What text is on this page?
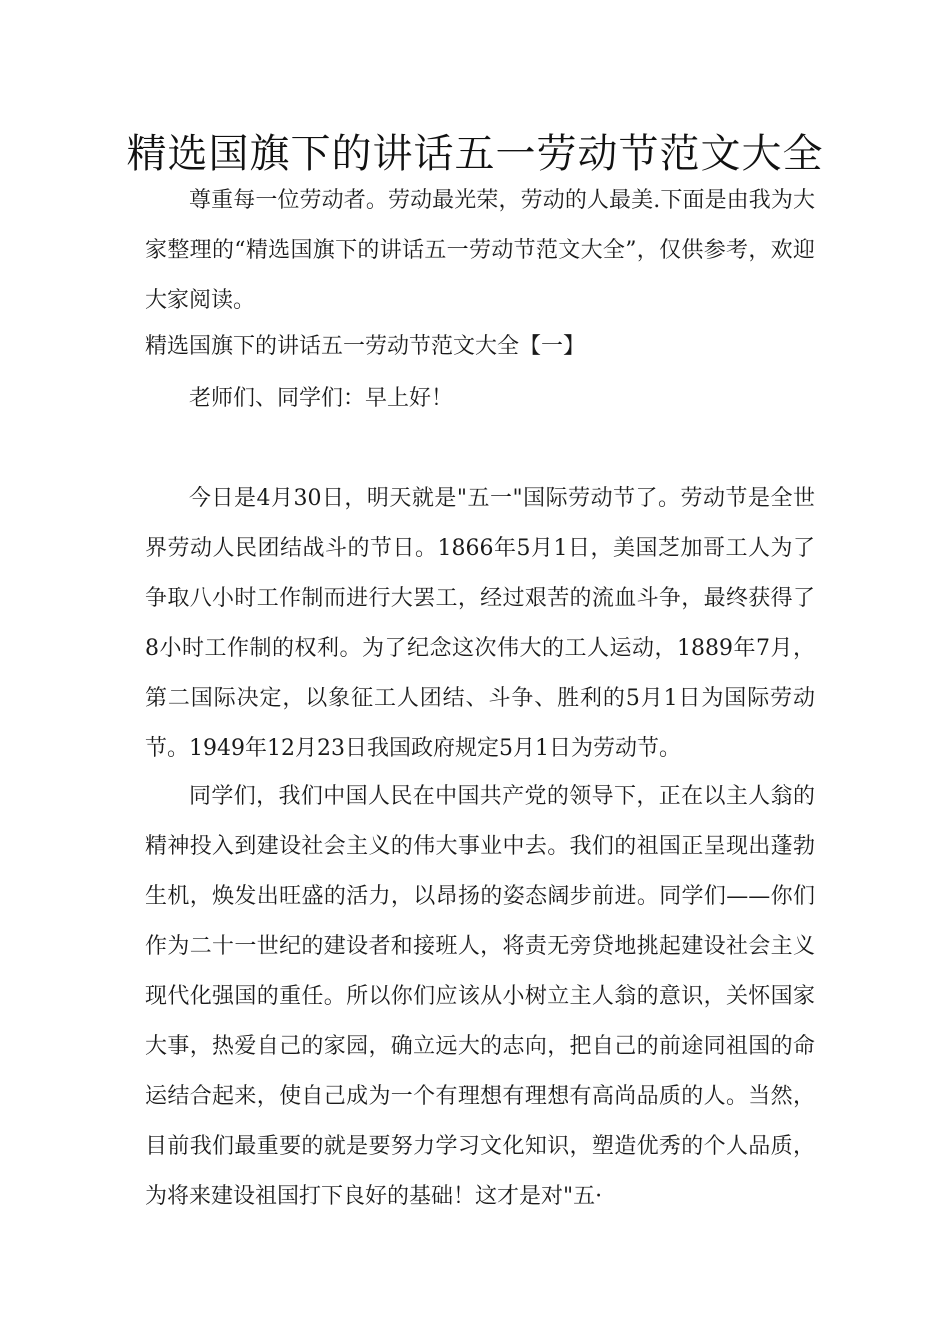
精选国旗下的讲话五一劳动节范文大全

尊重每一位劳动者。劳动最光荣，劳动的人最美.下面是由我为大家整理的“精选国旗下的讲话五一劳动节范文大全”，仅供参考，欢迎大家阅读。

精选国旗下的讲话五一劳动节范文大全【一】

老师们、同学们：早上好！

今日是4月30日，明天就是"五一"国际劳动节了。劳动节是全世界劳动人民团结战斗的节日。1866年5月1日，美国芝加哥工人为了争取八小时工作制而进行大罢工，经过艰苦的流血斗争，最终获得了8小时工作制的权利。为了纪念这次伟大的工人运动，1889年7月，第二国际决定，以象征工人团结、斗争、胜利的5月1日为国际劳动节。1949年12月23日我国政府规定5月1日为劳动节。

同学们，我们中国人民在中国共产党的领导下，正在以主人翁的精神投入到建设社会主义的伟大事业中去。我们的祖国正呈现出蓬勃生机，焕发出旺盛的活力，以昂扬的姿态阔步前进。同学们——你们作为二十一世纪的建设者和接班人，将责无旁贷地挑起建设社会主义现代化强国的重任。所以你们应该从小树立主人翁的意识，关怀国家大事，热爱自己的家园，确立远大的志向，把自己的前途同祖国的命运结合起来，使自己成为一个有理想有理想有高尚品质的人。当然，目前我们最重要的就是要努力学习文化知识，塑造优秀的个人品质，为将来建设祖国打下良好的基础！这才是对"五·
